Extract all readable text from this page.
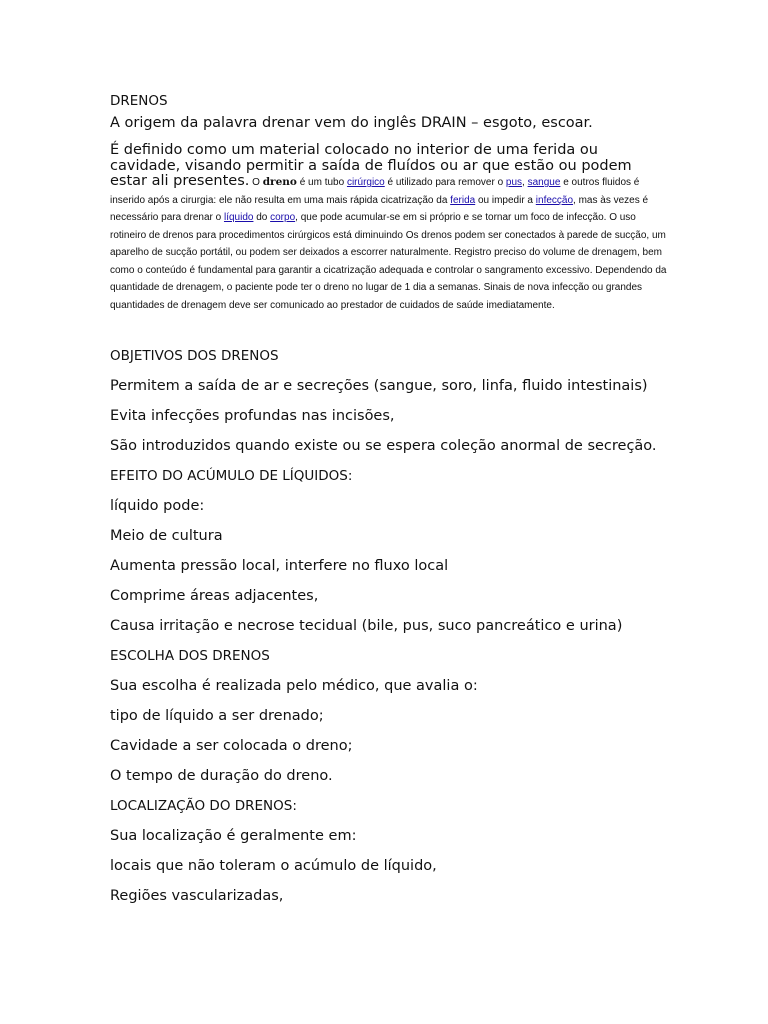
DRENOS

A origem da palavra drenar vem do inglês DRAIN – esgoto, escoar.

É definido como um material colocado no interior de uma ferida ou cavidade, visando permitir a saída de fluídos ou ar que estão ou podem estar ali presentes. O dreno é um tubo cirúrgico é utilizado para remover o pus, sangue e outros fluidos é inserido após a cirurgia: ele não resulta em uma mais rápida cicatrização da ferida ou impedir a infecção, mas às vezes é necessário para drenar o líquido do corpo, que pode acumular-se em si próprio e se tornar um foco de infecção. O uso rotineiro de drenos para procedimentos cirúrgicos está diminuindo Os drenos podem ser conectados à parede de sucção, um aparelho de sucção portátil, ou podem ser deixados a escorrer naturalmente. Registro preciso do volume de drenagem, bem como o conteúdo é fundamental para garantir a cicatrização adequada e controlar o sangramento excessivo. Dependendo da quantidade de drenagem, o paciente pode ter o dreno no lugar de 1 dia a semanas. Sinais de nova infecção ou grandes quantidades de drenagem deve ser comunicado ao prestador de cuidados de saúde imediatamente.

OBJETIVOS DOS DRENOS

Permitem a saída de ar e secreções (sangue, soro, linfa, fluido intestinais)

Evita infecções profundas nas incisões,

São introduzidos quando existe ou se espera coleção anormal de secreção.

EFEITO DO ACÚMULO DE LÍQUIDOS:

líquido pode:

Meio de cultura

Aumenta pressão local, interfere no fluxo local

Comprime áreas adjacentes,

Causa irritação e necrose tecidual (bile, pus, suco pancreático e urina)

ESCOLHA DOS DRENOS

Sua escolha é realizada pelo médico, que avalia o:

tipo de líquido a ser drenado;

Cavidade a ser colocada o dreno;

O tempo de duração do dreno.

LOCALIZAÇÃO DO DRENOS:

Sua localização é geralmente em:

locais que não toleram o acúmulo de líquido,

Regiões vascularizadas,
